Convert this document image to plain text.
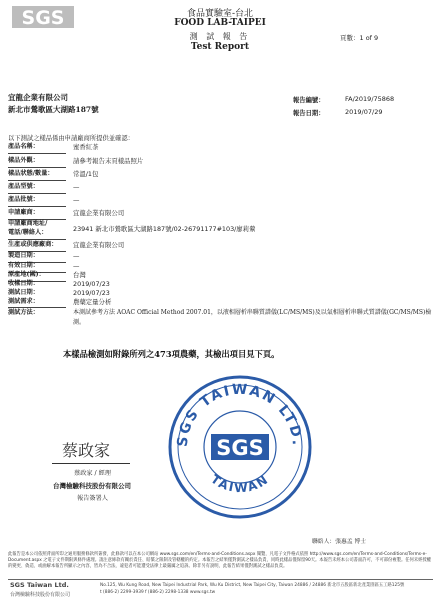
SGS	食品實驗室-台北
FOOD LAB-TAIPEI
測 試 報 告
Test Report
頁數：1 of 9
宜龍企業有限公司
新北市鶯歌區大湖路187號
報告編號：	FA/2019/75868
報告日期：	2019/07/29
以下測試之樣品係由申請廠商所提供並確認：
產品名稱：	蜜香紅茶
樣品外觀：	請參考報告末頁樣品照片
樣品狀態/數量：	常溫/1包
產品型號：	—
產品批號：	—
申請廠商：	宜龍企業有限公司
申請廠商地址/
電話/聯絡人：	23941 新北市鶯歌區大湖路187號/02-26791177#103/廖莉縈
生產或供應廠商： 宜龍企業有限公司
製造日期：	—
有效日期：	—
原產地(國)：	台灣
收樣日期：	2019/07/23
測試日期：	2019/07/23
測試需求：	農藥定量分析
測試方法：	本測試參考方法 AOAC Official Method 2007.01，以液相層析串聯質譜儀(LC/MS/MS)及以氣相層析串聯式質譜儀(GC/MS/MS)檢測。
本樣品檢測如附錄所列之473項農藥，其檢出項目見下頁。
SGS TAIWAN LTD.
TAIWAN
SGS
蔡政家
蔡政家 / 經理
台灣檢驗科技股份有限公司
報告簽署人
聯絡人：張惠孟 博士
此報告是本公司依照背面所印之通用服務條款所簽發，此條款可以在本公司網站 www.sgs.com/en/Terms-and-Conditions.aspx 閱覽，凡電子文件格式依照 http://www.sgs.com/en/Terms-and-Conditions/Terms-e-Document.aspx 之電子文件期限與條件處理。請注意條款有關於責任、賠償之限制及管轄權的約定。本報告之結果僅對測試之樣品負責，同時此樣品僅保留90天。本報告未經本公司書面許可，不可部份複製。任何未經授權的變更、偽造、或曲解本報告所顯示之內容，皆為不合法，違犯者可能遭受法律上最嚴厲之追訴。除非另有說明，此報告結果僅對測試之樣品負責。
SGS Taiwan Ltd.
台灣檢驗科技股份有限公司
No.125, Wu Kung Road, New Taipei Industrial Park, Wu Ku District, New Taipei City, Taiwan 24886 / 24886 新北市五股區新北產業園區五工路125號
t (886-2) 2299-3939 f (886-2) 2298-1338 www.sgs.tw
